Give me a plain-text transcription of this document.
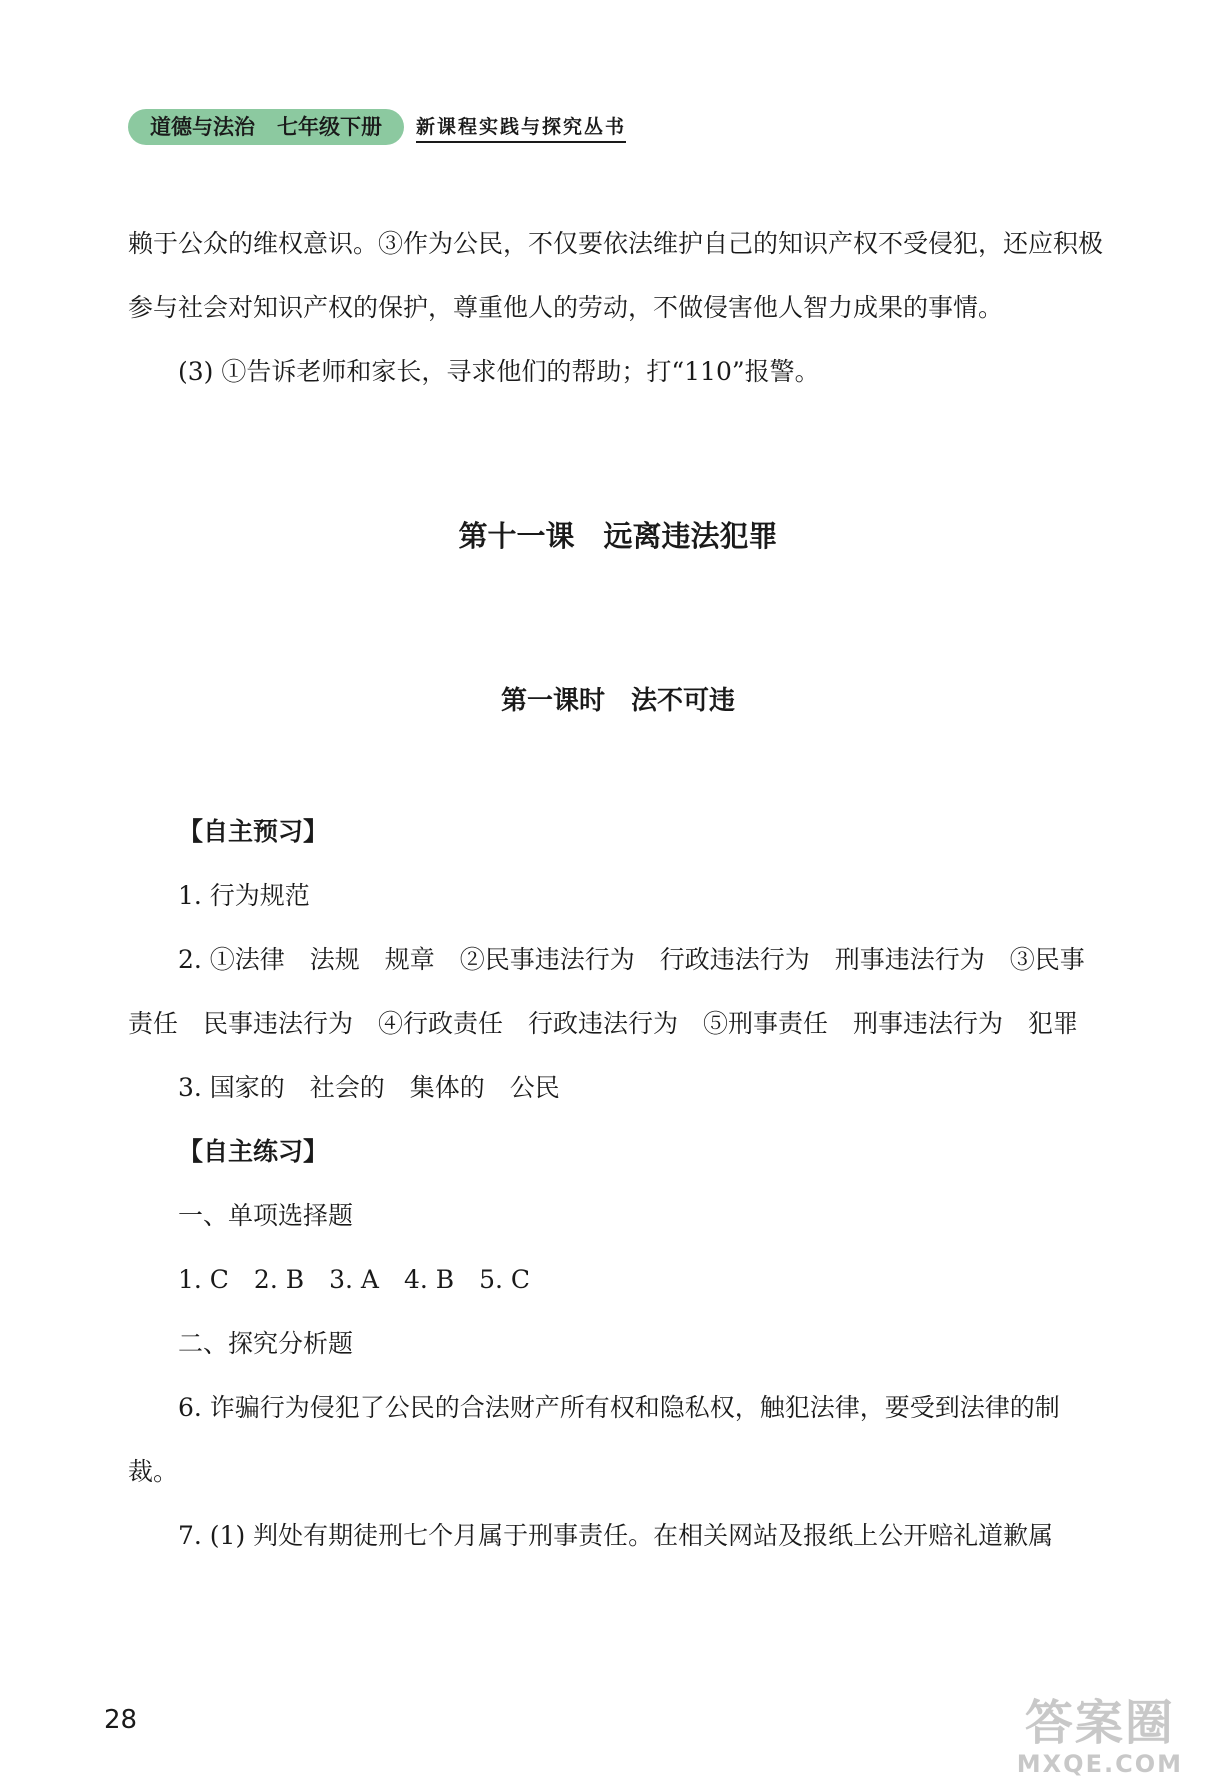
道德与法治 七年级下册	新课程实践与探究丛书

赖于公众的维权意识。③作为公民，不仅要依法维护自己的知识产权不受侵犯，还应积极参与社会对知识产权的保护，尊重他人的劳动，不做侵害他人智力成果的事情。

(3) ①告诉老师和家长，寻求他们的帮助；打“110”报警。

第十一课　远离违法犯罪
第一课时　法不可违

【自主预习】

1. 行为规范

2. ①法律　法规　规章　②民事违法行为　行政违法行为　刑事违法行为　③民事责任　民事违法行为　④行政责任　行政违法行为　⑤刑事责任　刑事违法行为　犯罪

3. 国家的　社会的　集体的　公民

【自主练习】

一、单项选择题

1. C　2. B　3. A　4. B　5. C

二、探究分析题

6. 诈骗行为侵犯了公民的合法财产所有权和隐私权，触犯法律，要受到法律的制裁。

7. (1) 判处有期徒刑七个月属于刑事责任。在相关网站及报纸上公开赔礼道歉属

28	答案圈
MXQE.COM
